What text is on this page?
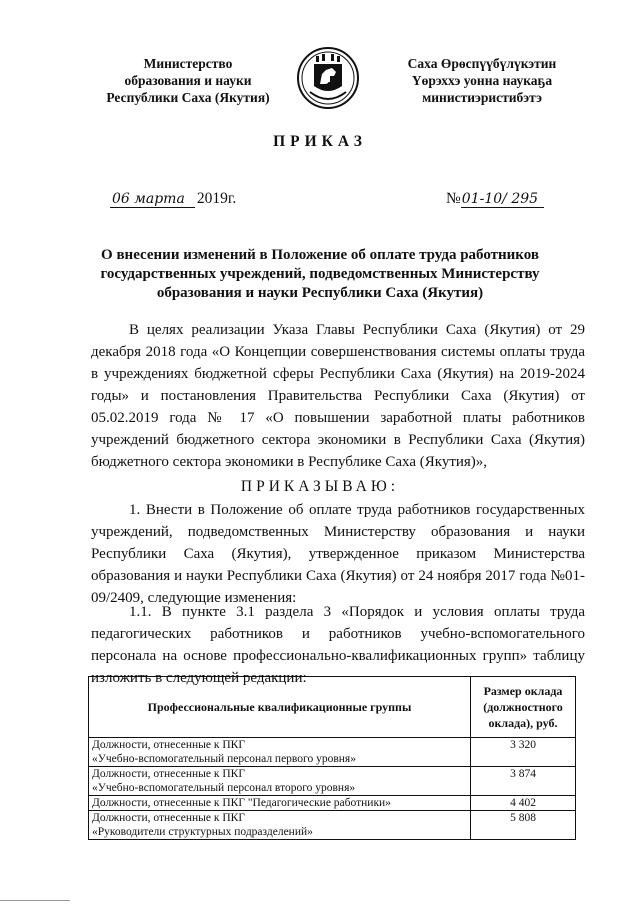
Министерство
образования и науки
Республики Саха (Якутия)
Саха Өрөспүүбүлүкэтин
Үөрэххэ уонна наукаҕа
министиэристибэтэ
ПРИКАЗ
06 марта 2019г.	№01-10/ 295
О внесении изменений в Положение об оплате труда работников государственных учреждений, подведомственных Министерству образования и науки Республики Саха (Якутия)
В целях реализации Указа Главы Республики Саха (Якутия) от 29 декабря 2018 года «О Концепции совершенствования системы оплаты труда в учреждениях бюджетной сферы Республики Саха (Якутия) на 2019-2024 годы» и постановления Правительства Республики Саха (Якутия) от 05.02.2019 года № 17 «О повышении заработной платы работников учреждений бюджетного сектора экономики в Республики Саха (Якутия) бюджетного сектора экономики в Республике Саха (Якутия)»,
ПРИКАЗЫВАЮ:
1. Внести в Положение об оплате труда работников государственных учреждений, подведомственных Министерству образования и науки Республики Саха (Якутия), утвержденное приказом Министерства образования и науки Республики Саха (Якутия) от 24 ноября 2017 года №01-09/2409, следующие изменения:
1.1. В пункте 3.1 раздела 3 «Порядок и условия оплаты труда педагогических работников и работников учебно-вспомогательного персонала на основе профессионально-квалификационных групп» таблицу изложить в следующей редакции:
Профессиональные квалификационные группы	Размер оклада (должностного оклада), руб.

Должности, отнесенные к ПКГ
«Учебно-вспомогательный персонал первого уровня»	3 320

Должности, отнесенные к ПКГ
«Учебно-вспомогательный персонал второго уровня»	3 874

Должности, отнесенные к ПКГ "Педагогические работники»	4 402

Должности, отнесенные к ПКГ
«Руководители структурных подразделений»	5 808
